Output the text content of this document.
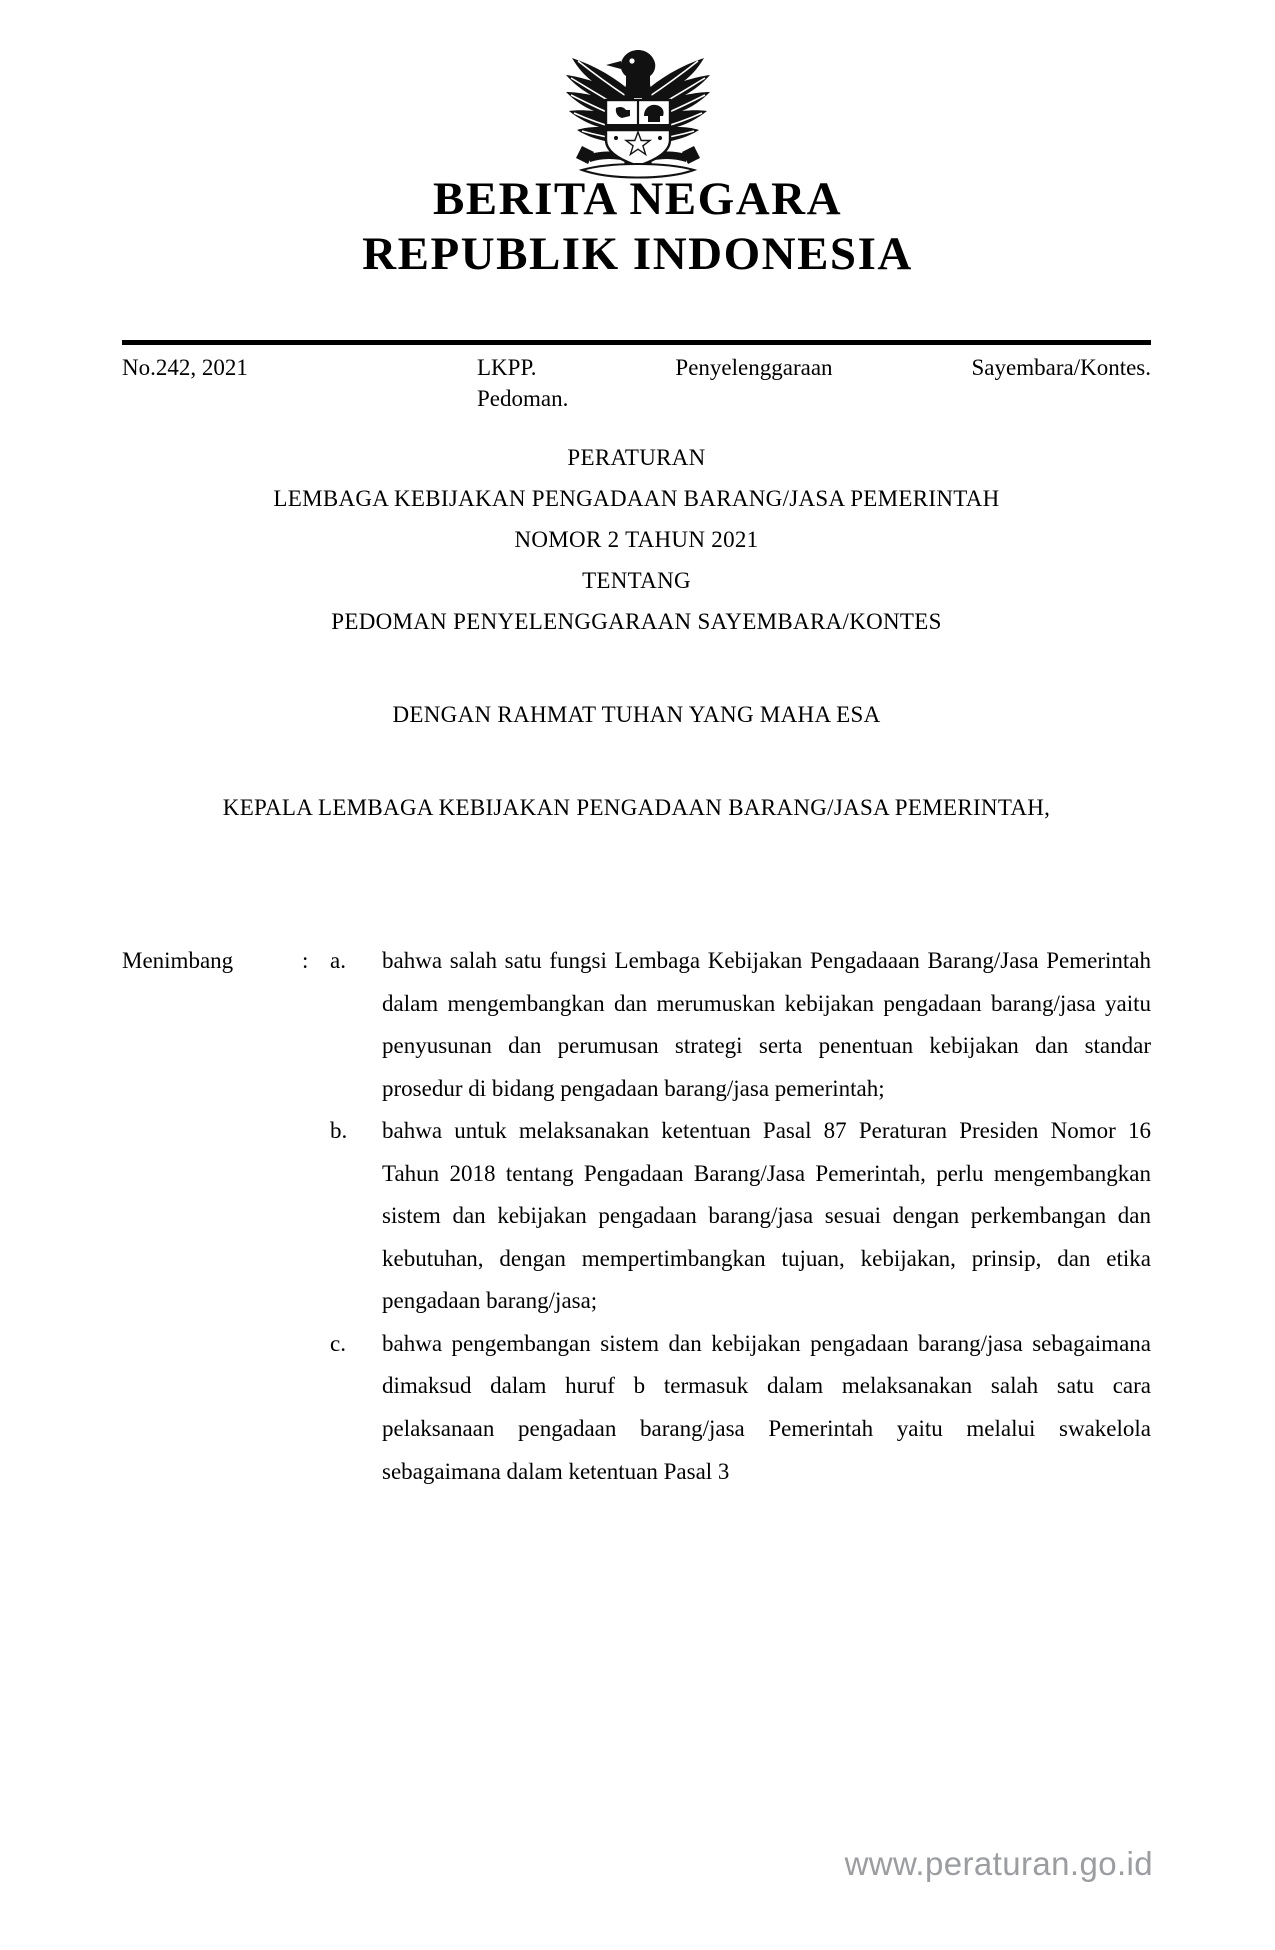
BERITA NEGARA
REPUBLIK INDONESIA
No.242, 2021	LKPP. Penyelenggaraan Sayembara/Kontes.
Pedoman.
PERATURAN
LEMBAGA KEBIJAKAN PENGADAAN BARANG/JASA PEMERINTAH
NOMOR 2 TAHUN 2021
TENTANG
PEDOMAN PENYELENGGARAAN SAYEMBARA/KONTES
DENGAN RAHMAT TUHAN YANG MAHA ESA
KEPALA LEMBAGA KEBIJAKAN PENGADAAN BARANG/JASA PEMERINTAH,
Menimbang	: a.	bahwa salah satu fungsi Lembaga Kebijakan Pengadaaan Barang/Jasa Pemerintah dalam mengembangkan dan merumuskan kebijakan pengadaan barang/jasa yaitu penyusunan dan perumusan strategi serta penentuan kebijakan dan standar prosedur di bidang pengadaan barang/jasa pemerintah;
b.	bahwa untuk melaksanakan ketentuan Pasal 87 Peraturan Presiden Nomor 16 Tahun 2018 tentang Pengadaan Barang/Jasa Pemerintah, perlu mengembangkan sistem dan kebijakan pengadaan barang/jasa sesuai dengan perkembangan dan kebutuhan, dengan mempertimbangkan tujuan, kebijakan, prinsip, dan etika pengadaan barang/jasa;
c.	bahwa pengembangan sistem dan kebijakan pengadaan barang/jasa sebagaimana dimaksud dalam huruf b termasuk dalam melaksanakan salah satu cara pelaksanaan pengadaan barang/jasa Pemerintah yaitu melalui swakelola sebagaimana dalam ketentuan Pasal 3
www.peraturan.go.id
